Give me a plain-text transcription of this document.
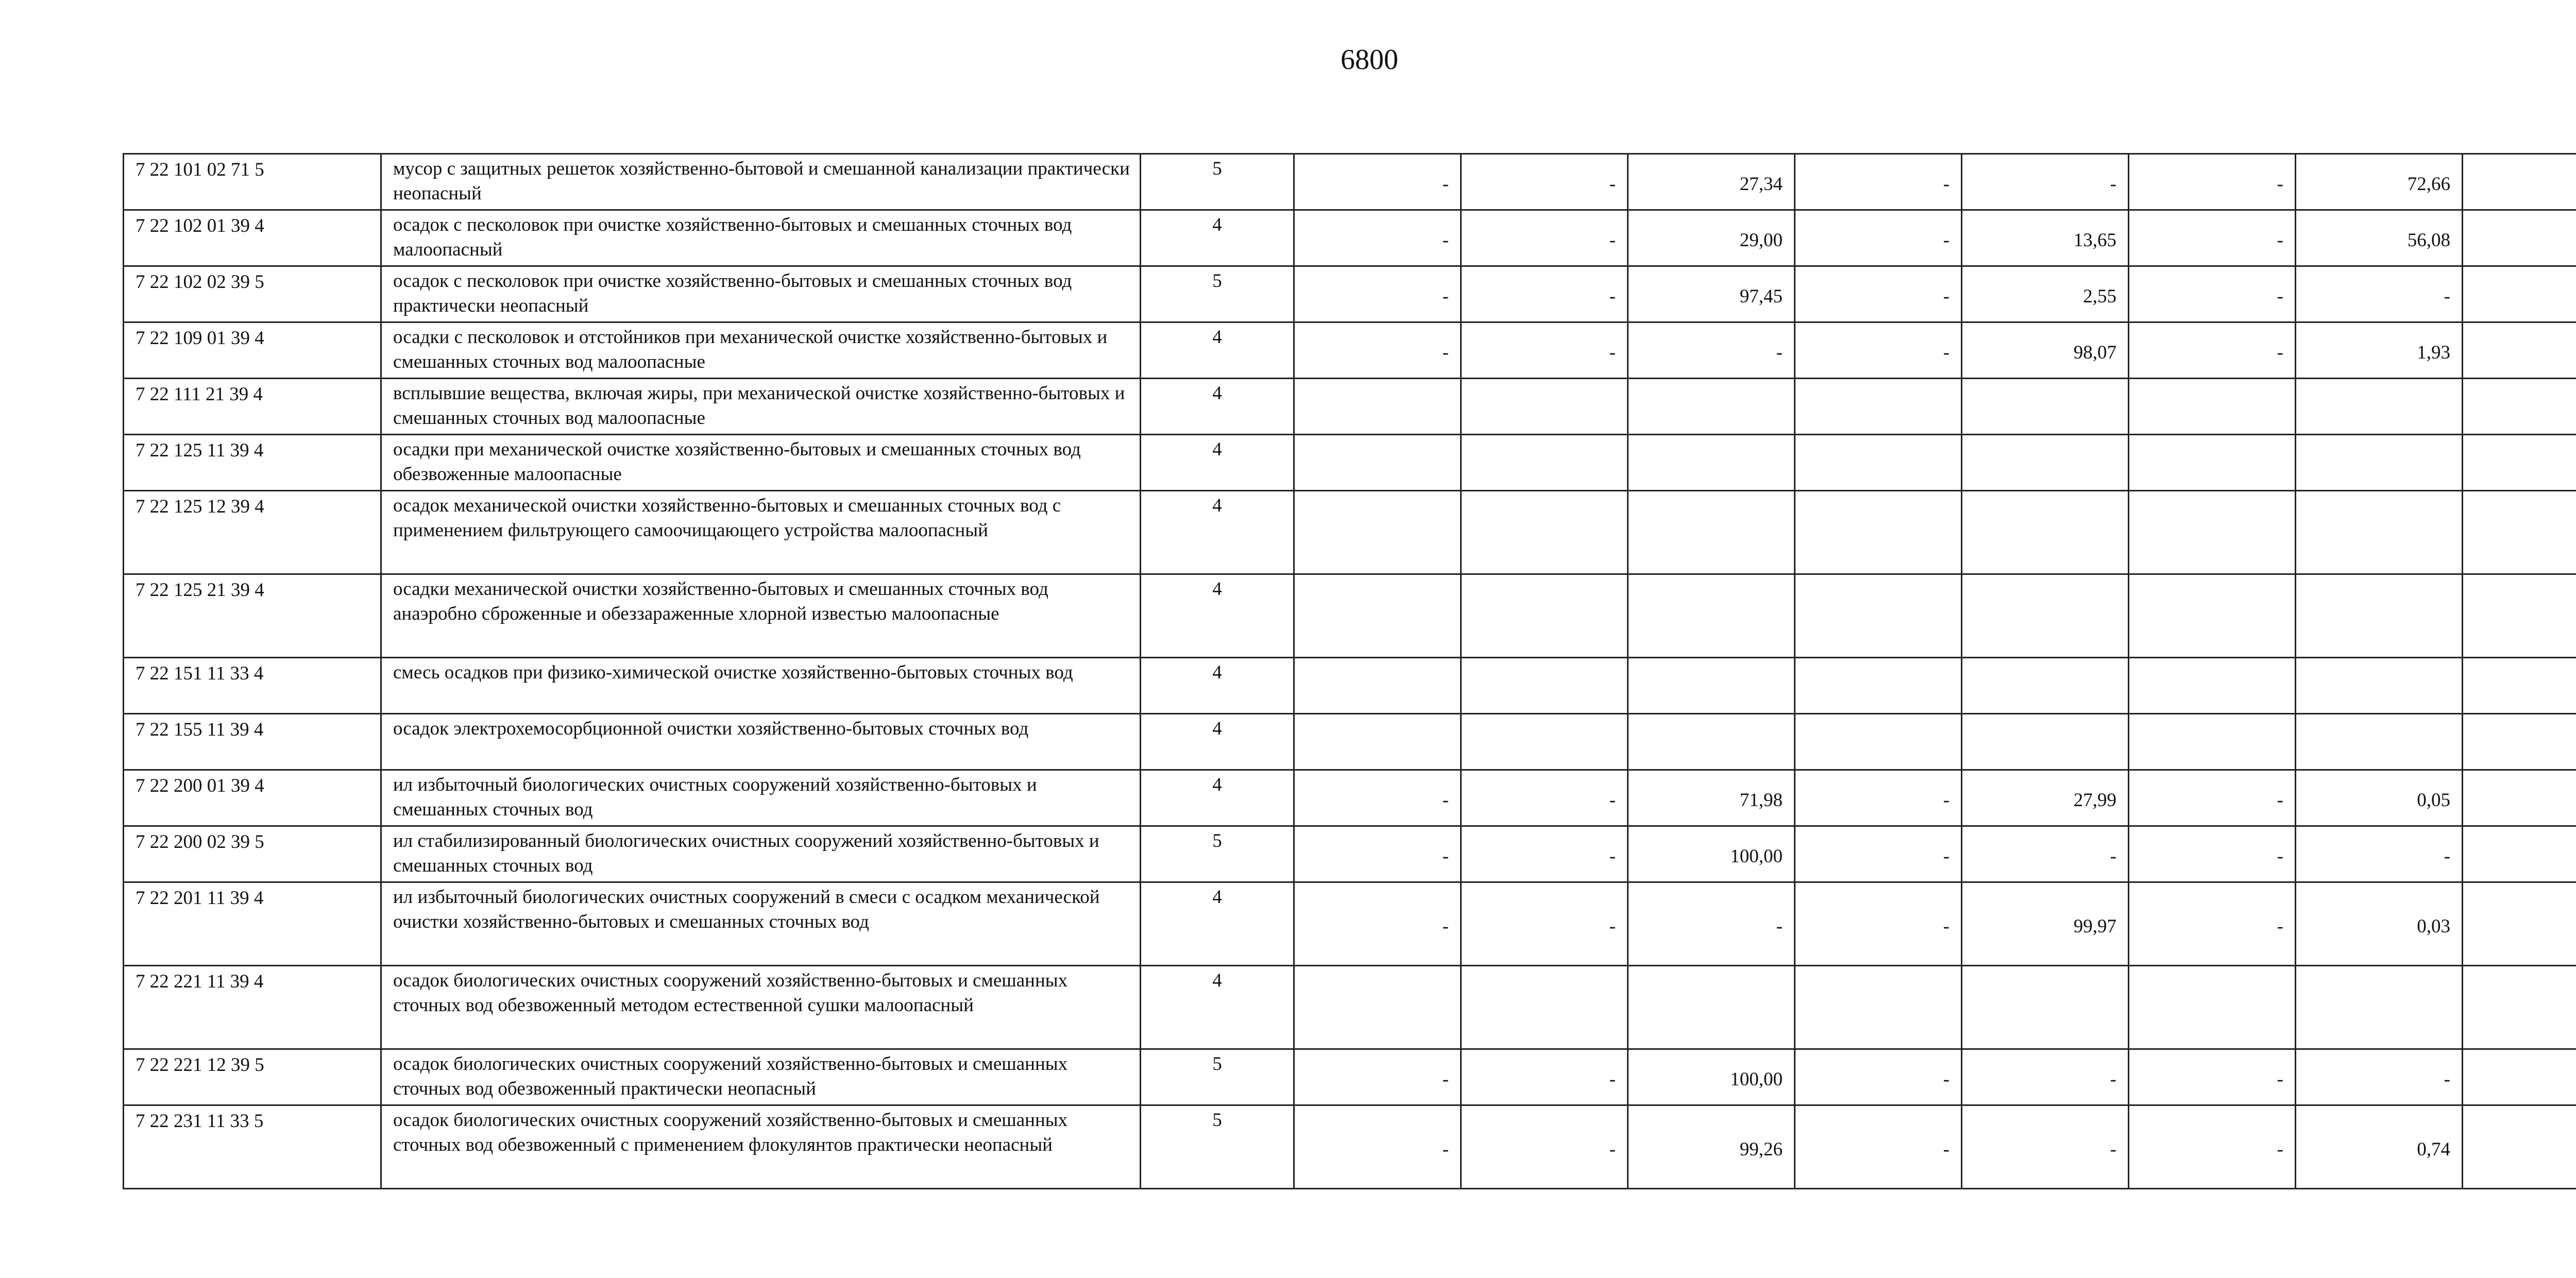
6800
7 22 101 02 71 5	мусор с защитных решеток хозяйственно-бытовой и смешанной канализации практически неопасный	5	-	-	27,34	-	-	-	72,66	
7 22 102 01 39 4	осадок с песколовок при очистке хозяйственно-бытовых и смешанных сточных вод малоопасный	4	-	-	29,00	-	13,65	-	56,08	
7 22 102 02 39 5	осадок с песколовок при очистке хозяйственно-бытовых и смешанных сточных вод практически неопасный	5	-	-	97,45	-	2,55	-	-	
7 22 109 01 39 4	осадки с песколовок и отстойников при механической очистке хозяйственно-бытовых и смешанных сточных вод малоопасные	4	-	-	-	-	98,07	-	1,93	
7 22 111 21 39 4	всплывшие вещества, включая жиры, при механической очистке хозяйственно-бытовых и смешанных сточных вод малоопасные	4								
7 22 125 11 39 4	осадки при механической очистке хозяйственно-бытовых и смешанных сточных вод обезвоженные малоопасные	4								
7 22 125 12 39 4	осадок механической очистки хозяйственно-бытовых и смешанных сточных вод с применением фильтрующего самоочищающего устройства малоопасный	4								
7 22 125 21 39 4	осадки механической очистки хозяйственно-бытовых и смешанных сточных вод анаэробно сброженные и обеззараженные хлорной известью малоопасные	4								
7 22 151 11 33 4	смесь осадков при физико-химической очистке хозяйственно-бытовых сточных вод	4								
7 22 155 11 39 4	осадок электрохемосорбционной очистки хозяйственно-бытовых сточных вод	4								
7 22 200 01 39 4	ил избыточный биологических очистных сооружений хозяйственно-бытовых и смешанных сточных вод	4	-	-	71,98	-	27,99	-	0,05	
7 22 200 02 39 5	ил стабилизированный биологических очистных сооружений хозяйственно-бытовых и смешанных сточных вод	5	-	-	100,00	-	-	-	-	
7 22 201 11 39 4	ил избыточный биологических очистных сооружений в смеси с осадком механической очистки хозяйственно-бытовых и смешанных сточных вод	4	-	-	-	-	99,97	-	0,03	
7 22 221 11 39 4	осадок биологических очистных сооружений хозяйственно-бытовых и смешанных сточных вод обезвоженный методом естественной сушки малоопасный	4								
7 22 221 12 39 5	осадок биологических очистных сооружений хозяйственно-бытовых и смешанных сточных вод обезвоженный практически неопасный	5	-	-	100,00	-	-	-	-	
7 22 231 11 33 5	осадок биологических очистных сооружений хозяйственно-бытовых и смешанных сточных вод обезвоженный с применением флокулянтов практически неопасный	5	-	-	99,26	-	-	-	0,74	
